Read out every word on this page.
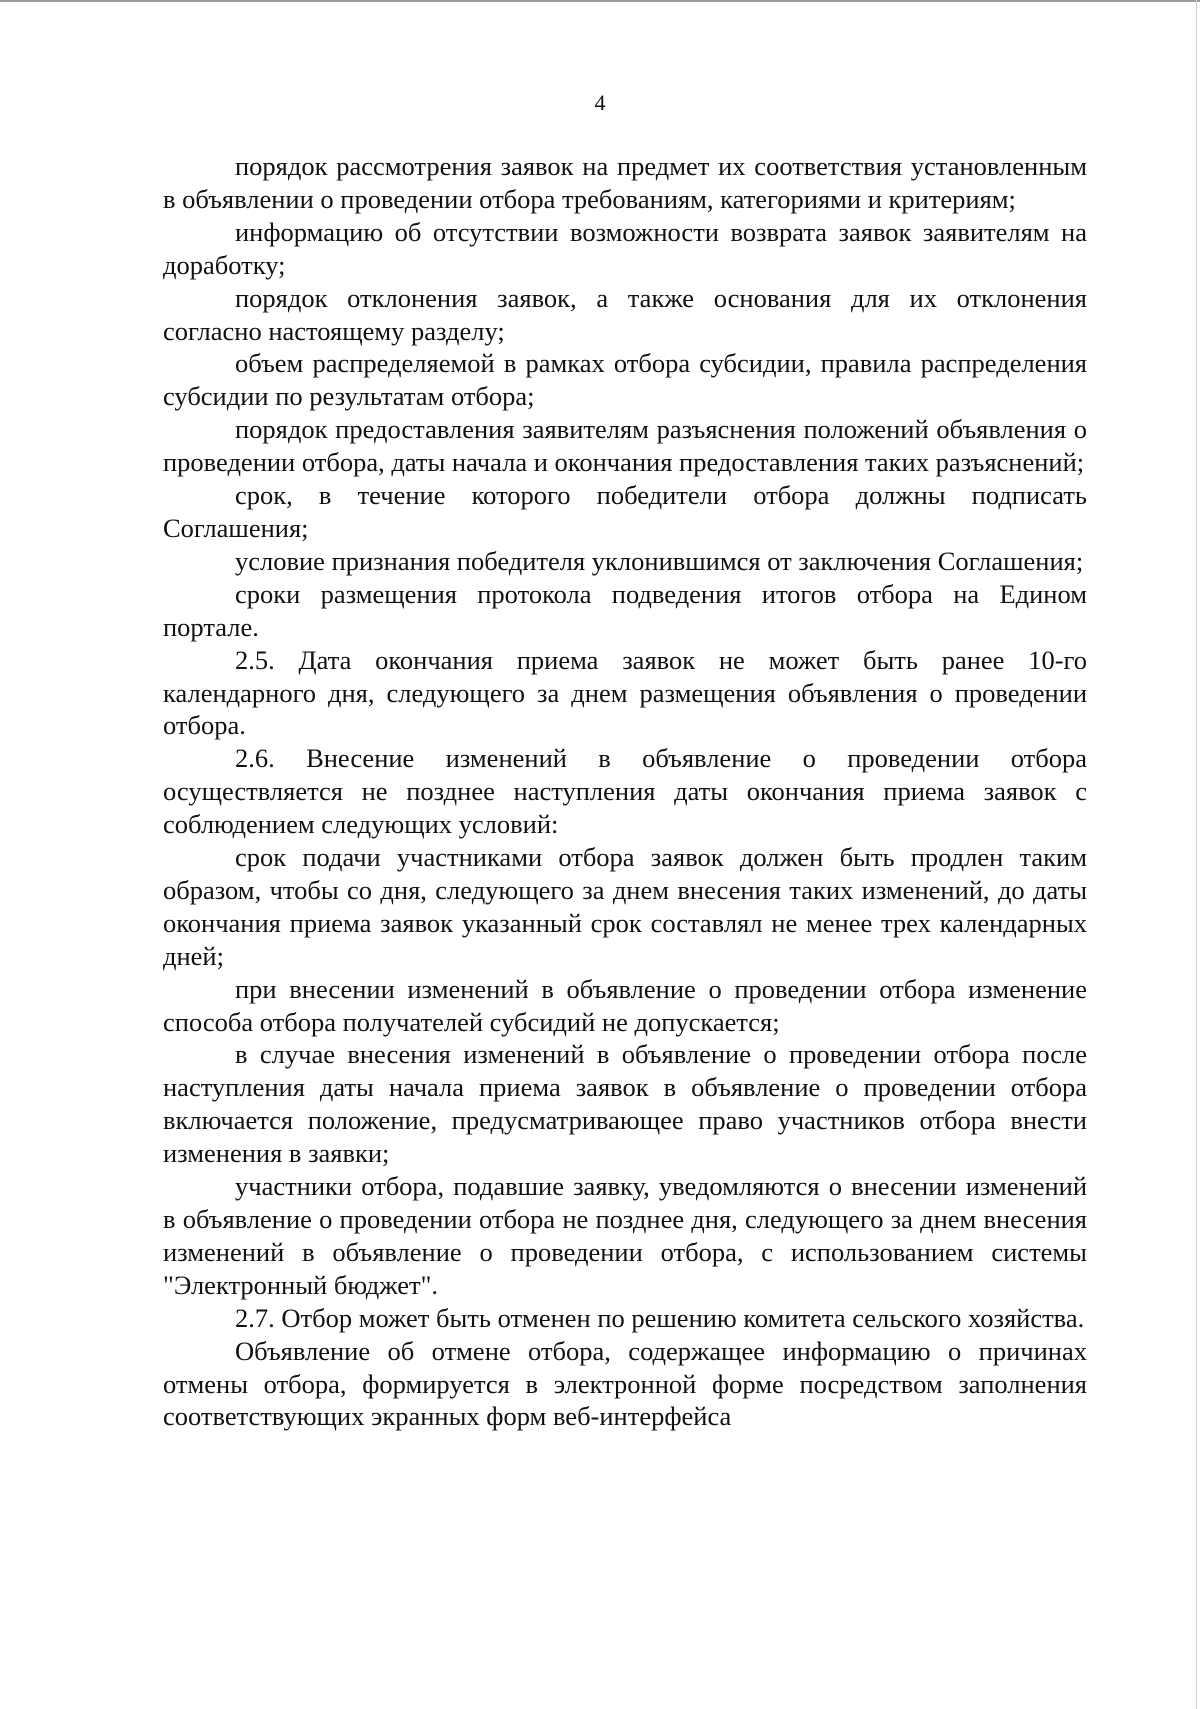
4

порядок рассмотрения заявок на предмет их соответствия установленным в объявлении о проведении отбора требованиям, категориями и критериям;

информацию об отсутствии возможности возврата заявок заявителям на доработку;

порядок отклонения заявок, а также основания для их отклонения согласно настоящему разделу;

объем распределяемой в рамках отбора субсидии, правила распределения субсидии по результатам отбора;

порядок предоставления заявителям разъяснения положений объявления о проведении отбора, даты начала и окончания предоставления таких разъяснений;

срок, в течение которого победители отбора должны подписать Соглашения;

условие признания победителя уклонившимся от заключения Соглашения;

сроки размещения протокола подведения итогов отбора на Едином портале.

2.5. Дата окончания приема заявок не может быть ранее 10-го календарного дня, следующего за днем размещения объявления о проведении отбора.

2.6. Внесение изменений в объявление о проведении отбора осуществляется не позднее наступления даты окончания приема заявок с соблюдением следующих условий:

срок подачи участниками отбора заявок должен быть продлен таким образом, чтобы со дня, следующего за днем внесения таких изменений, до даты окончания приема заявок указанный срок составлял не менее трех календарных дней;

при внесении изменений в объявление о проведении отбора изменение способа отбора получателей субсидий не допускается;

в случае внесения изменений в объявление о проведении отбора после наступления даты начала приема заявок в объявление о проведении отбора включается положение, предусматривающее право участников отбора внести изменения в заявки;

участники отбора, подавшие заявку, уведомляются о внесении изменений в объявление о проведении отбора не позднее дня, следующего за днем внесения изменений в объявление о проведении отбора, с использованием системы "Электронный бюджет".

2.7. Отбор может быть отменен по решению комитета сельского хозяйства.

Объявление об отмене отбора, содержащее информацию о причинах отмены отбора, формируется в электронной форме посредством заполнения соответствующих экранных форм веб-интерфейса
